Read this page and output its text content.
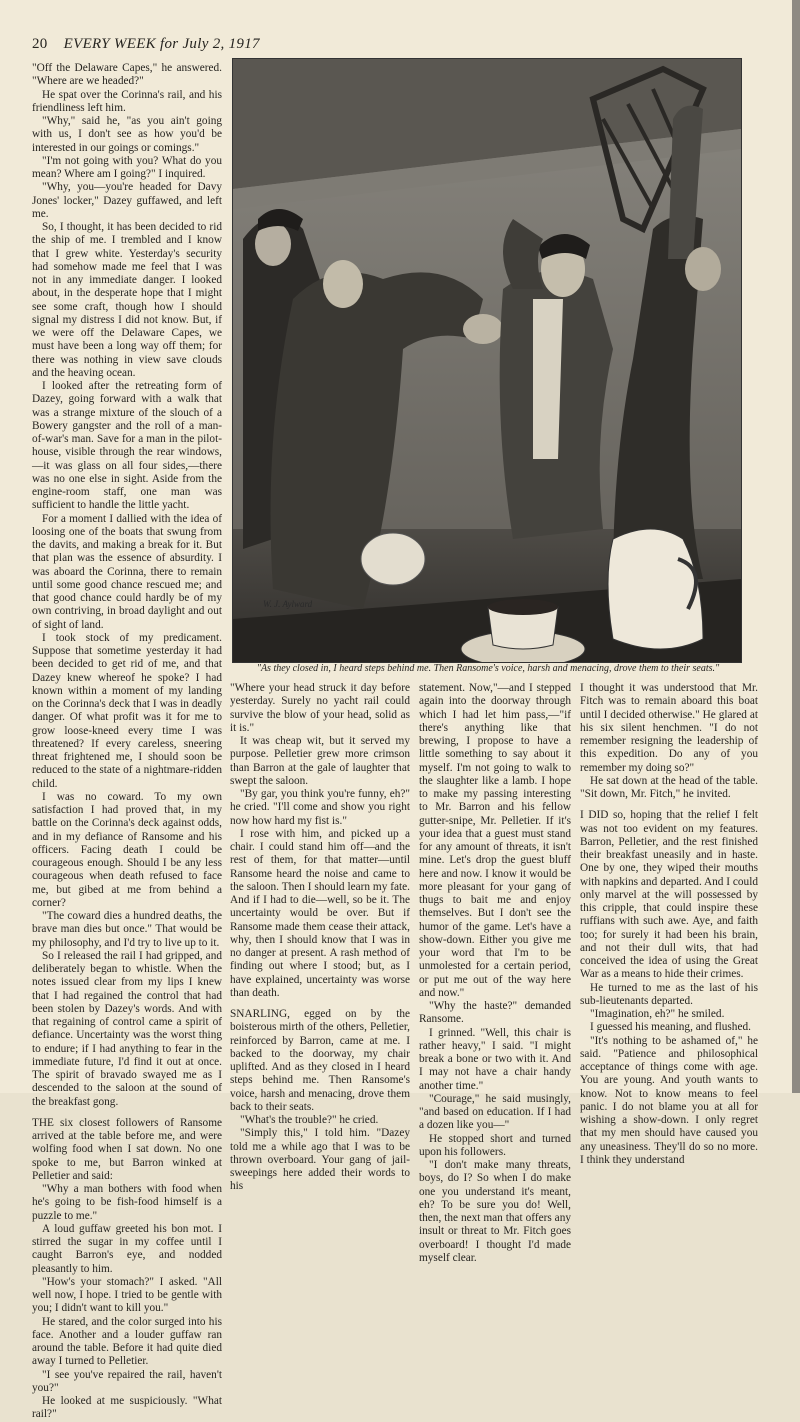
20 EVERY WEEK for July 2, 1917

"Off the Delaware Capes," he answered. "Where are we headed?"

He spat over the Corinna's rail, and his friendliness left him.

"Why," said he, "as you ain't going with us, I don't see as how you'd be interested in our goings or comings."

"I'm not going with you? What do you mean? Where am I going?" I inquired.

"Why, you—you're headed for Davy Jones' locker," Dazey guffawed, and left me.

So, I thought, it has been decided to rid the ship of me. I trembled and I know that I grew white. Yesterday's security had somehow made me feel that I was not in any immediate danger. I looked about, in the desperate hope that I might see some craft, though how I should signal my distress I did not know. But, if we were off the Delaware Capes, we must have been a long way off them; for there was nothing in view save clouds and the heaving ocean.

I looked after the retreating form of Dazey, going forward with a walk that was a strange mixture of the slouch of a Bowery gangster and the roll of a man-of-war's man. Save for a man in the pilot-house, visible through the rear windows,—it was glass on all four sides,—there was no one else in sight. Aside from the engine-room staff, one man was sufficient to handle the little yacht.

For a moment I dallied with the idea of loosing one of the boats that swung from the davits, and making a break for it. But that plan was the essence of absurdity. I was aboard the Corinna, there to remain until some good chance rescued me; and that good chance could hardly be of my own contriving, in broad daylight and out of sight of land.

I took stock of my predicament. Suppose that sometime yesterday it had been decided to get rid of me, and that Dazey knew whereof he spoke? I had known within a moment of my landing on the Corinna's deck that I was in deadly danger. Of what profit was it for me to grow loose-kneed every time I was threatened? If every careless, sneering threat frightened me, I should soon be reduced to the state of a nightmare-ridden child.

I was no coward. To my own satisfaction I had proved that, in my battle on the Corinna's deck against odds, and in my defiance of Ransome and his officers. Facing death I could be courageous enough. Should I be any less courageous when death refused to face me, but gibed at me from behind a corner?

"The coward dies a hundred deaths, the brave man dies but once." That would be my philosophy, and I'd try to live up to it.

So I released the rail I had gripped, and deliberately began to whistle. When the notes issued clear from my lips I knew that I had regained the control that had been stolen by Dazey's words. And with that regaining of control came a spirit of defiance. Uncertainty was the worst thing to endure; if I had anything to fear in the immediate future, I'd find it out at once. The spirit of bravado swayed me as I descended to the saloon at the sound of the breakfast gong.

THE six closest followers of Ransome arrived at the table before me, and were wolfing food when I sat down. No one spoke to me, but Barron winked at Pelletier and said:

"Why a man bothers with food when he's going to be fish-food himself is a puzzle to me."

A loud guffaw greeted his bon mot. I stirred the sugar in my coffee until I caught Barron's eye, and nodded pleasantly to him.

"How's your stomach?" I asked. "All well now, I hope. I tried to be gentle with you; I didn't want to kill you."

He stared, and the color surged into his face. Another and a louder guffaw ran around the table. Before it had quite died away I turned to Pelletier.

"I see you've repaired the rail, haven't you?"

He looked at me suspiciously. "What rail?"

W. J. Aylward
"As they closed in, I heard steps behind me. Then Ransome's voice, harsh and menacing, drove them to their seats."

"Where your head struck it day before yesterday. Surely no yacht rail could survive the blow of your head, solid as it is."

It was cheap wit, but it served my purpose. Pelletier grew more crimson than Barron at the gale of laughter that swept the saloon.

"By gar, you think you're funny, eh?" he cried. "I'll come and show you right now how hard my fist is."

I rose with him, and picked up a chair. I could stand him off—and the rest of them, for that matter—until Ransome heard the noise and came to the saloon. Then I should learn my fate. And if I had to die—well, so be it. The uncertainty would be over. But if Ransome made them cease their attack, why, then I should know that I was in no danger at present. A rash method of finding out where I stood; but, as I have explained, uncertainty was worse than death.

SNARLING, egged on by the boisterous mirth of the others, Pelletier, reinforced by Barron, came at me. I backed to the doorway, my chair uplifted. And as they closed in I heard steps behind me. Then Ransome's voice, harsh and menacing, drove them back to their seats.

"What's the trouble?" he cried.

"Simply this," I told him. "Dazey told me a while ago that I was to be thrown overboard. Your gang of jail-sweepings here added their words to his

statement. Now,"—and I stepped again into the doorway through which I had let him pass,—"if there's anything like that brewing, I propose to have a little something to say about it myself. I'm not going to walk to the slaughter like a lamb. I hope to make my passing interesting to Mr. Barron and his fellow gutter-snipe, Mr. Pelletier. If it's your idea that a guest must stand for any amount of threats, it isn't mine. Let's drop the guest bluff here and now. I know it would be more pleasant for your gang of thugs to bait me and enjoy themselves. But I don't see the humor of the game. Let's have a show-down. Either you give me your word that I'm to be unmolested for a certain period, or put me out of the way here and now."

"Why the haste?" demanded Ransome.

I grinned. "Well, this chair is rather heavy," I said. "I might break a bone or two with it. And I may not have a chair handy another time."

"Courage," he said musingly, "and based on education. If I had a dozen like you—"

He stopped short and turned upon his followers.

"I don't make many threats, boys, do I? So when I do make one you understand it's meant, eh? To be sure you do! Well, then, the next man that offers any insult or threat to Mr. Fitch goes overboard! I thought I'd made myself clear.

I thought it was understood that Mr. Fitch was to remain aboard this boat until I decided otherwise." He glared at his six silent henchmen. "I do not remember resigning the leadership of this expedition. Do any of you remember my doing so?"

He sat down at the head of the table. "Sit down, Mr. Fitch," he invited.

I DID so, hoping that the relief I felt was not too evident on my features. Barron, Pelletier, and the rest finished their breakfast uneasily and in haste. One by one, they wiped their mouths with napkins and departed. And I could only marvel at the will possessed by this cripple, that could inspire these ruffians with such awe. Aye, and faith too; for surely it had been his brain, and not their dull wits, that had conceived the idea of using the Great War as a means to hide their crimes.

He turned to me as the last of his sub-lieutenants departed.

"Imagination, eh?" he smiled.

I guessed his meaning, and flushed.

"It's nothing to be ashamed of," he said. "Patience and philosophical acceptance of things come with age. You are young. And youth wants to know. Not to know means to feel panic. I do not blame you at all for wishing a show-down. I only regret that my men should have caused you any uneasiness. They'll do so no more. I think they understand
